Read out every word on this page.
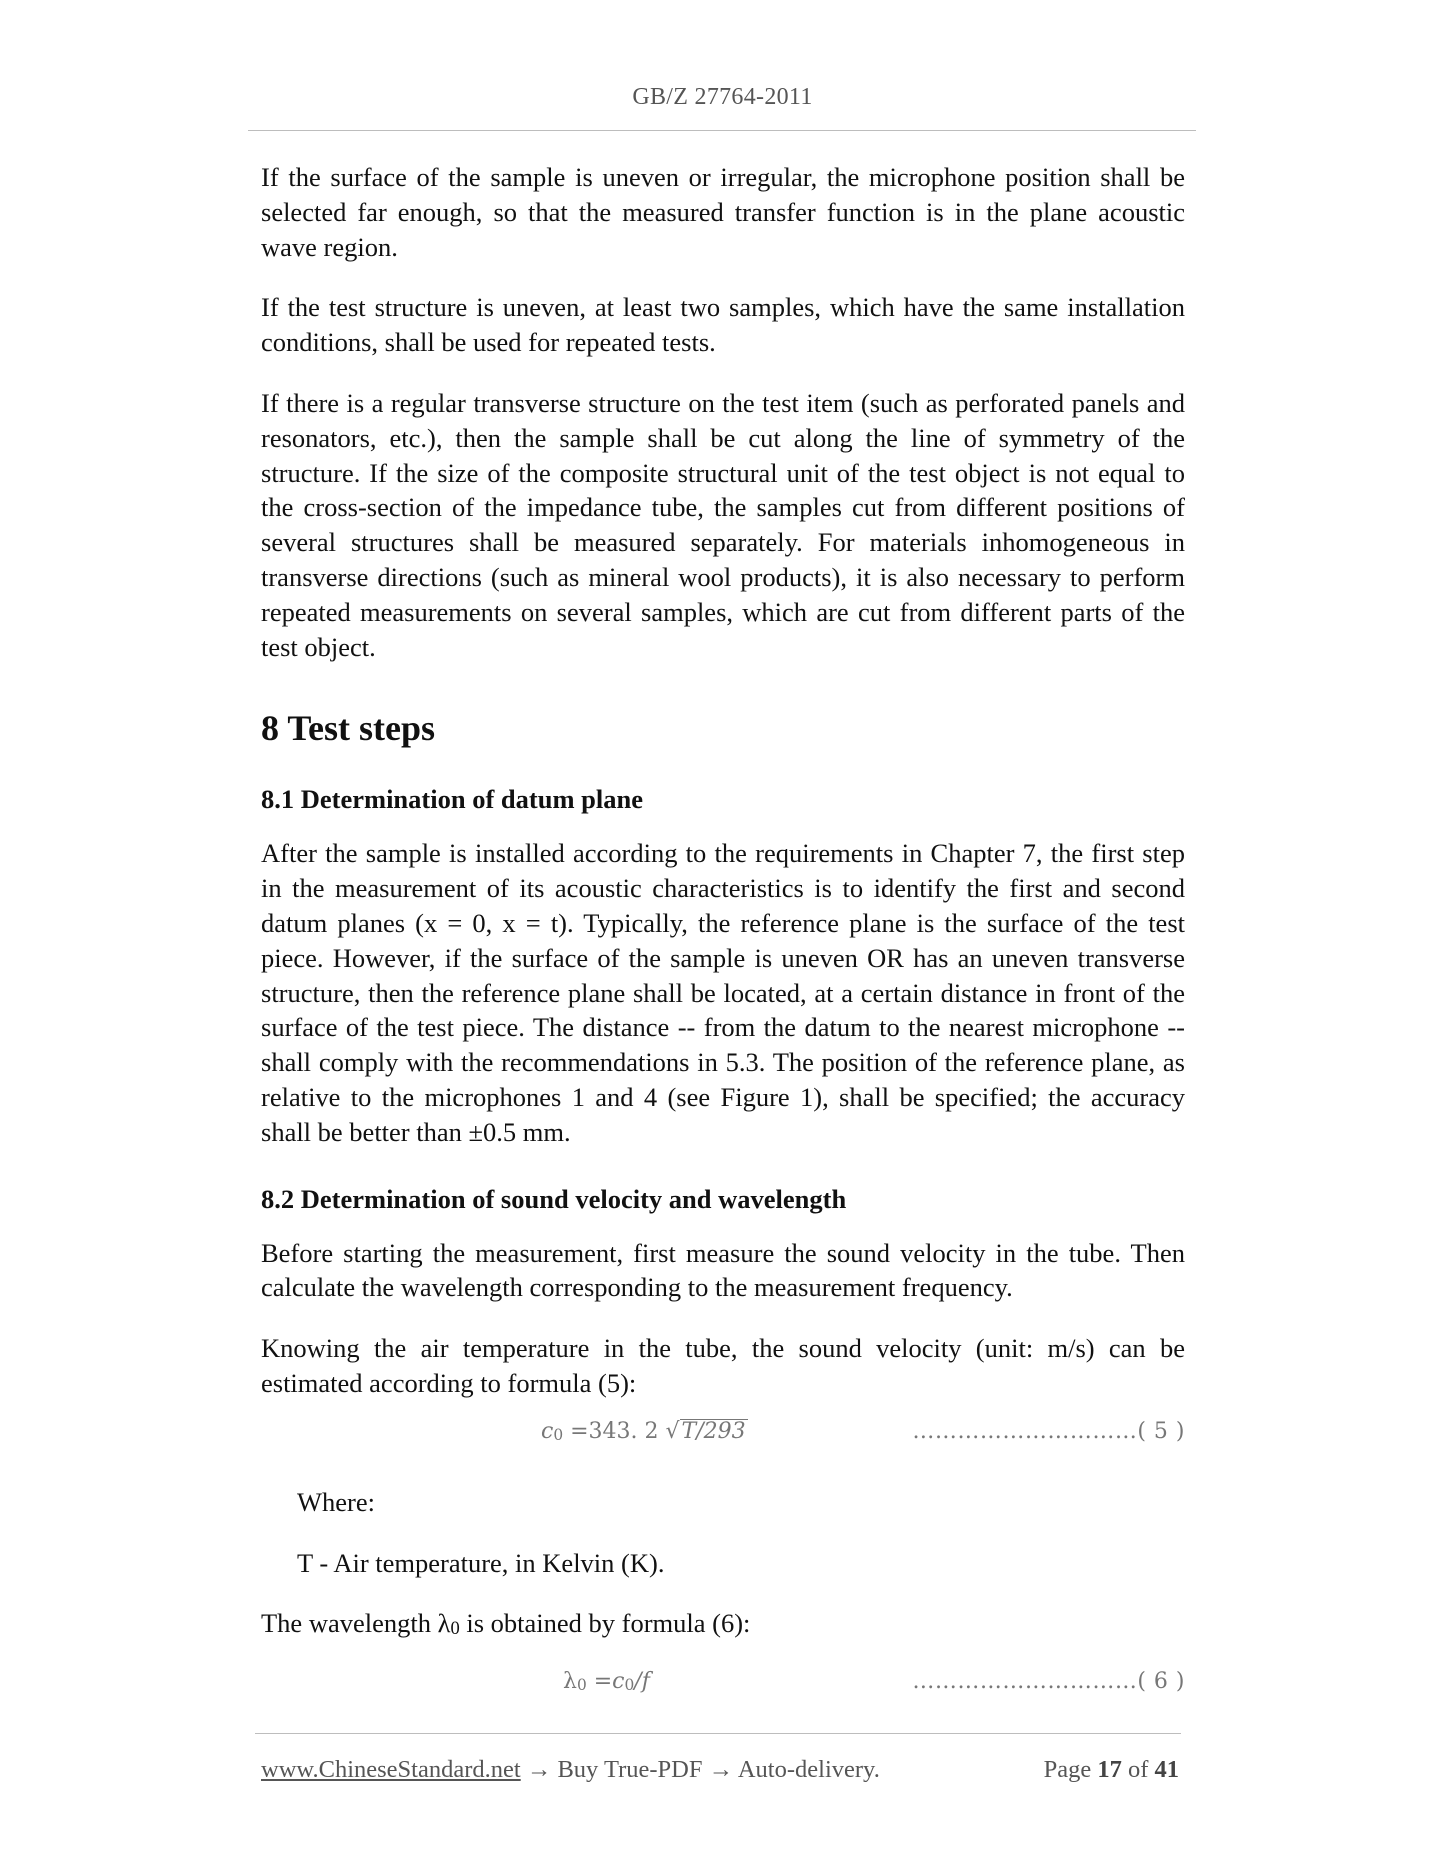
GB/Z 27764-2011

If the surface of the sample is uneven or irregular, the microphone position shall be selected far enough, so that the measured transfer function is in the plane acoustic wave region.

If the test structure is uneven, at least two samples, which have the same installation conditions, shall be used for repeated tests.

If there is a regular transverse structure on the test item (such as perforated panels and resonators, etc.), then the sample shall be cut along the line of symmetry of the structure. If the size of the composite structural unit of the test object is not equal to the cross-section of the impedance tube, the samples cut from different positions of several structures shall be measured separately. For materials inhomogeneous in transverse directions (such as mineral wool products), it is also necessary to perform repeated measurements on several samples, which are cut from different parts of the test object.

8 Test steps
8.1 Determination of datum plane

After the sample is installed according to the requirements in Chapter 7, the first step in the measurement of its acoustic characteristics is to identify the first and second datum planes (x = 0, x = t). Typically, the reference plane is the surface of the test piece. However, if the surface of the sample is uneven OR has an uneven transverse structure, then the reference plane shall be located, at a certain distance in front of the surface of the test piece. The distance -- from the datum to the nearest microphone -- shall comply with the recommendations in 5.3. The position of the reference plane, as relative to the microphones 1 and 4 (see Figure 1), shall be specified; the accuracy shall be better than ±0.5 mm.

8.2 Determination of sound velocity and wavelength

Before starting the measurement, first measure the sound velocity in the tube. Then calculate the wavelength corresponding to the measurement frequency.

Knowing the air temperature in the tube, the sound velocity (unit: m/s) can be estimated according to formula (5):

c0 =343. 2 √T/293	…………………………( 5 )

Where:

T - Air temperature, in Kelvin (K).

The wavelength λ0 is obtained by formula (6):

λ0 =c0/f	…………………………( 6 )
www.ChineseStandard.net → Buy True-PDF → Auto-delivery.	Page 17 of 41
